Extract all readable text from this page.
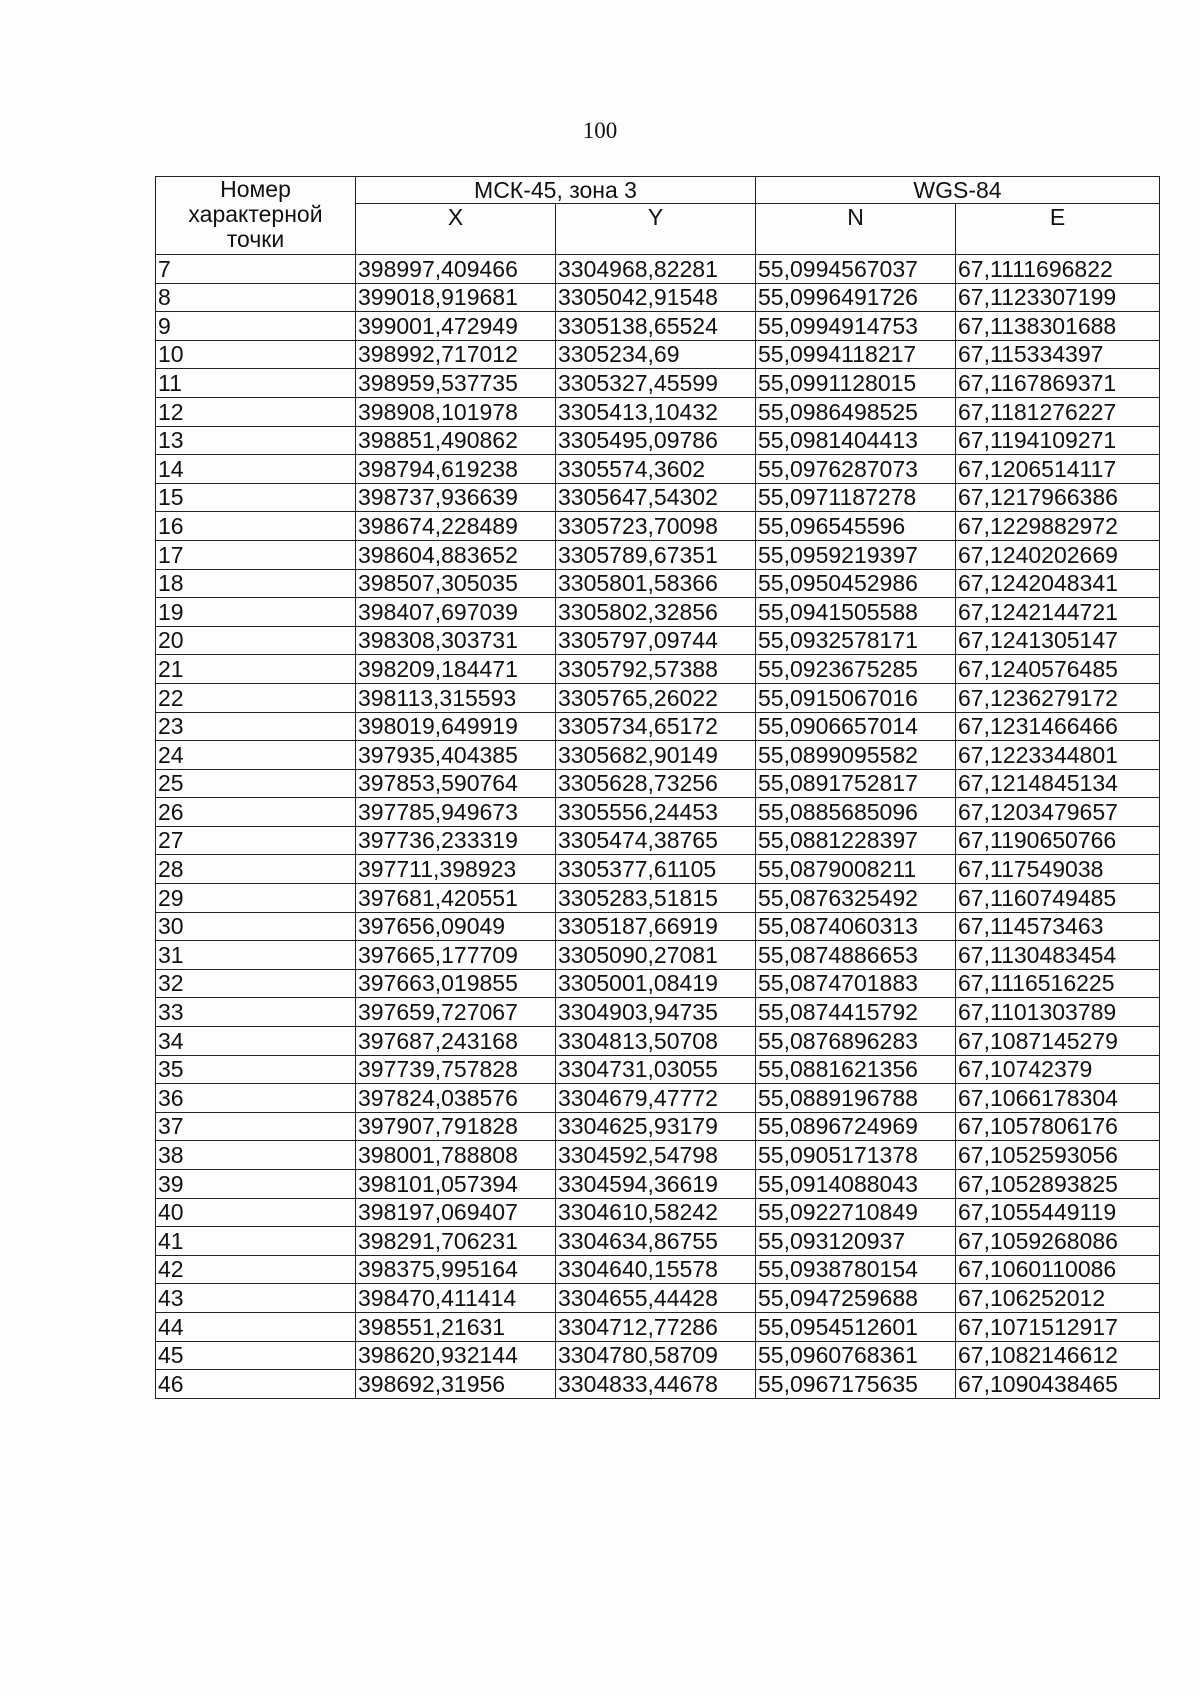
100
Номер характерной точки	МСК-45, зона 3		WGS-84	
	X	Y	N	E
7	398997,409466	3304968,82281	55,0994567037	67,1111696822
8	399018,919681	3305042,91548	55,0996491726	67,1123307199
9	399001,472949	3305138,65524	55,0994914753	67,1138301688
10	398992,717012	3305234,69	55,0994118217	67,115334397
11	398959,537735	3305327,45599	55,0991128015	67,1167869371
12	398908,101978	3305413,10432	55,0986498525	67,1181276227
13	398851,490862	3305495,09786	55,0981404413	67,1194109271
14	398794,619238	3305574,3602	55,0976287073	67,1206514117
15	398737,936639	3305647,54302	55,0971187278	67,1217966386
16	398674,228489	3305723,70098	55,096545596	67,1229882972
17	398604,883652	3305789,67351	55,0959219397	67,1240202669
18	398507,305035	3305801,58366	55,0950452986	67,1242048341
19	398407,697039	3305802,32856	55,0941505588	67,1242144721
20	398308,303731	3305797,09744	55,0932578171	67,1241305147
21	398209,184471	3305792,57388	55,0923675285	67,1240576485
22	398113,315593	3305765,26022	55,0915067016	67,1236279172
23	398019,649919	3305734,65172	55,0906657014	67,1231466466
24	397935,404385	3305682,90149	55,0899095582	67,1223344801
25	397853,590764	3305628,73256	55,0891752817	67,1214845134
26	397785,949673	3305556,24453	55,0885685096	67,1203479657
27	397736,233319	3305474,38765	55,0881228397	67,1190650766
28	397711,398923	3305377,61105	55,0879008211	67,117549038
29	397681,420551	3305283,51815	55,0876325492	67,1160749485
30	397656,09049	3305187,66919	55,0874060313	67,114573463
31	397665,177709	3305090,27081	55,0874886653	67,1130483454
32	397663,019855	3305001,08419	55,0874701883	67,1116516225
33	397659,727067	3304903,94735	55,0874415792	67,1101303789
34	397687,243168	3304813,50708	55,0876896283	67,1087145279
35	397739,757828	3304731,03055	55,0881621356	67,10742379
36	397824,038576	3304679,47772	55,0889196788	67,1066178304
37	397907,791828	3304625,93179	55,0896724969	67,1057806176
38	398001,788808	3304592,54798	55,0905171378	67,1052593056
39	398101,057394	3304594,36619	55,0914088043	67,1052893825
40	398197,069407	3304610,58242	55,0922710849	67,1055449119
41	398291,706231	3304634,86755	55,093120937	67,1059268086
42	398375,995164	3304640,15578	55,0938780154	67,1060110086
43	398470,411414	3304655,44428	55,0947259688	67,106252012
44	398551,21631	3304712,77286	55,0954512601	67,1071512917
45	398620,932144	3304780,58709	55,0960768361	67,1082146612
46	398692,31956	3304833,44678	55,0967175635	67,1090438465
